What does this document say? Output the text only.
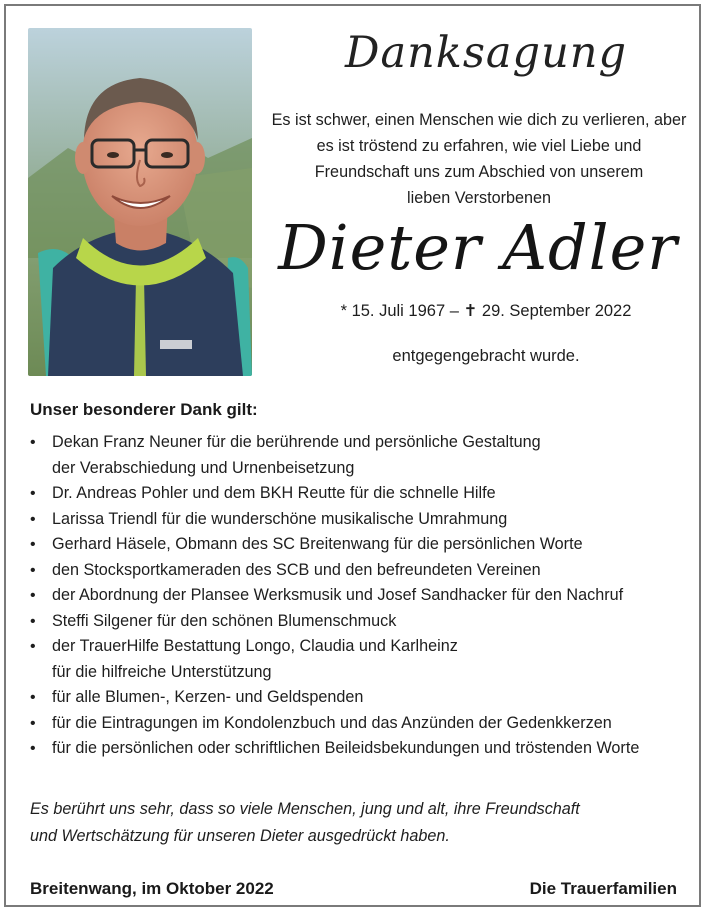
Danksagung
Es ist schwer, einen Menschen wie dich zu verlieren, aber
es ist tröstend zu erfahren, wie viel Liebe und
Freundschaft uns zum Abschied von unserem
lieben Verstorbenen
Dieter Adler
* 15. Juli 1967 – ✝ 29. September 2022
entgegengebracht wurde.
Unser besonderer Dank gilt:
• Dekan Franz Neuner für die berührende und persönliche Gestaltung
der Verabschiedung und Urnenbeisetzung
• Dr. Andreas Pohler und dem BKH Reutte für die schnelle Hilfe
• Larissa Triendl für die wunderschöne musikalische Umrahmung
• Gerhard Häsele, Obmann des SC Breitenwang für die persönlichen Worte
• den Stocksportkameraden des SCB und den befreundeten Vereinen
• der Abordnung der Plansee Werksmusik und Josef Sandhacker für den Nachruf
• Steffi Silgener für den schönen Blumenschmuck
• der TrauerHilfe Bestattung Longo, Claudia und Karlheinz
für die hilfreiche Unterstützung
• für alle Blumen-, Kerzen- und Geldspenden
• für die Eintragungen im Kondolenzbuch und das Anzünden der Gedenkkerzen
• für die persönlichen oder schriftlichen Beileidsbekundungen und tröstenden Worte
Es berührt uns sehr, dass so viele Menschen, jung und alt, ihre Freundschaft
und Wertschätzung für unseren Dieter ausgedrückt haben.
Breitenwang, im Oktober 2022	Die Trauerfamilien
